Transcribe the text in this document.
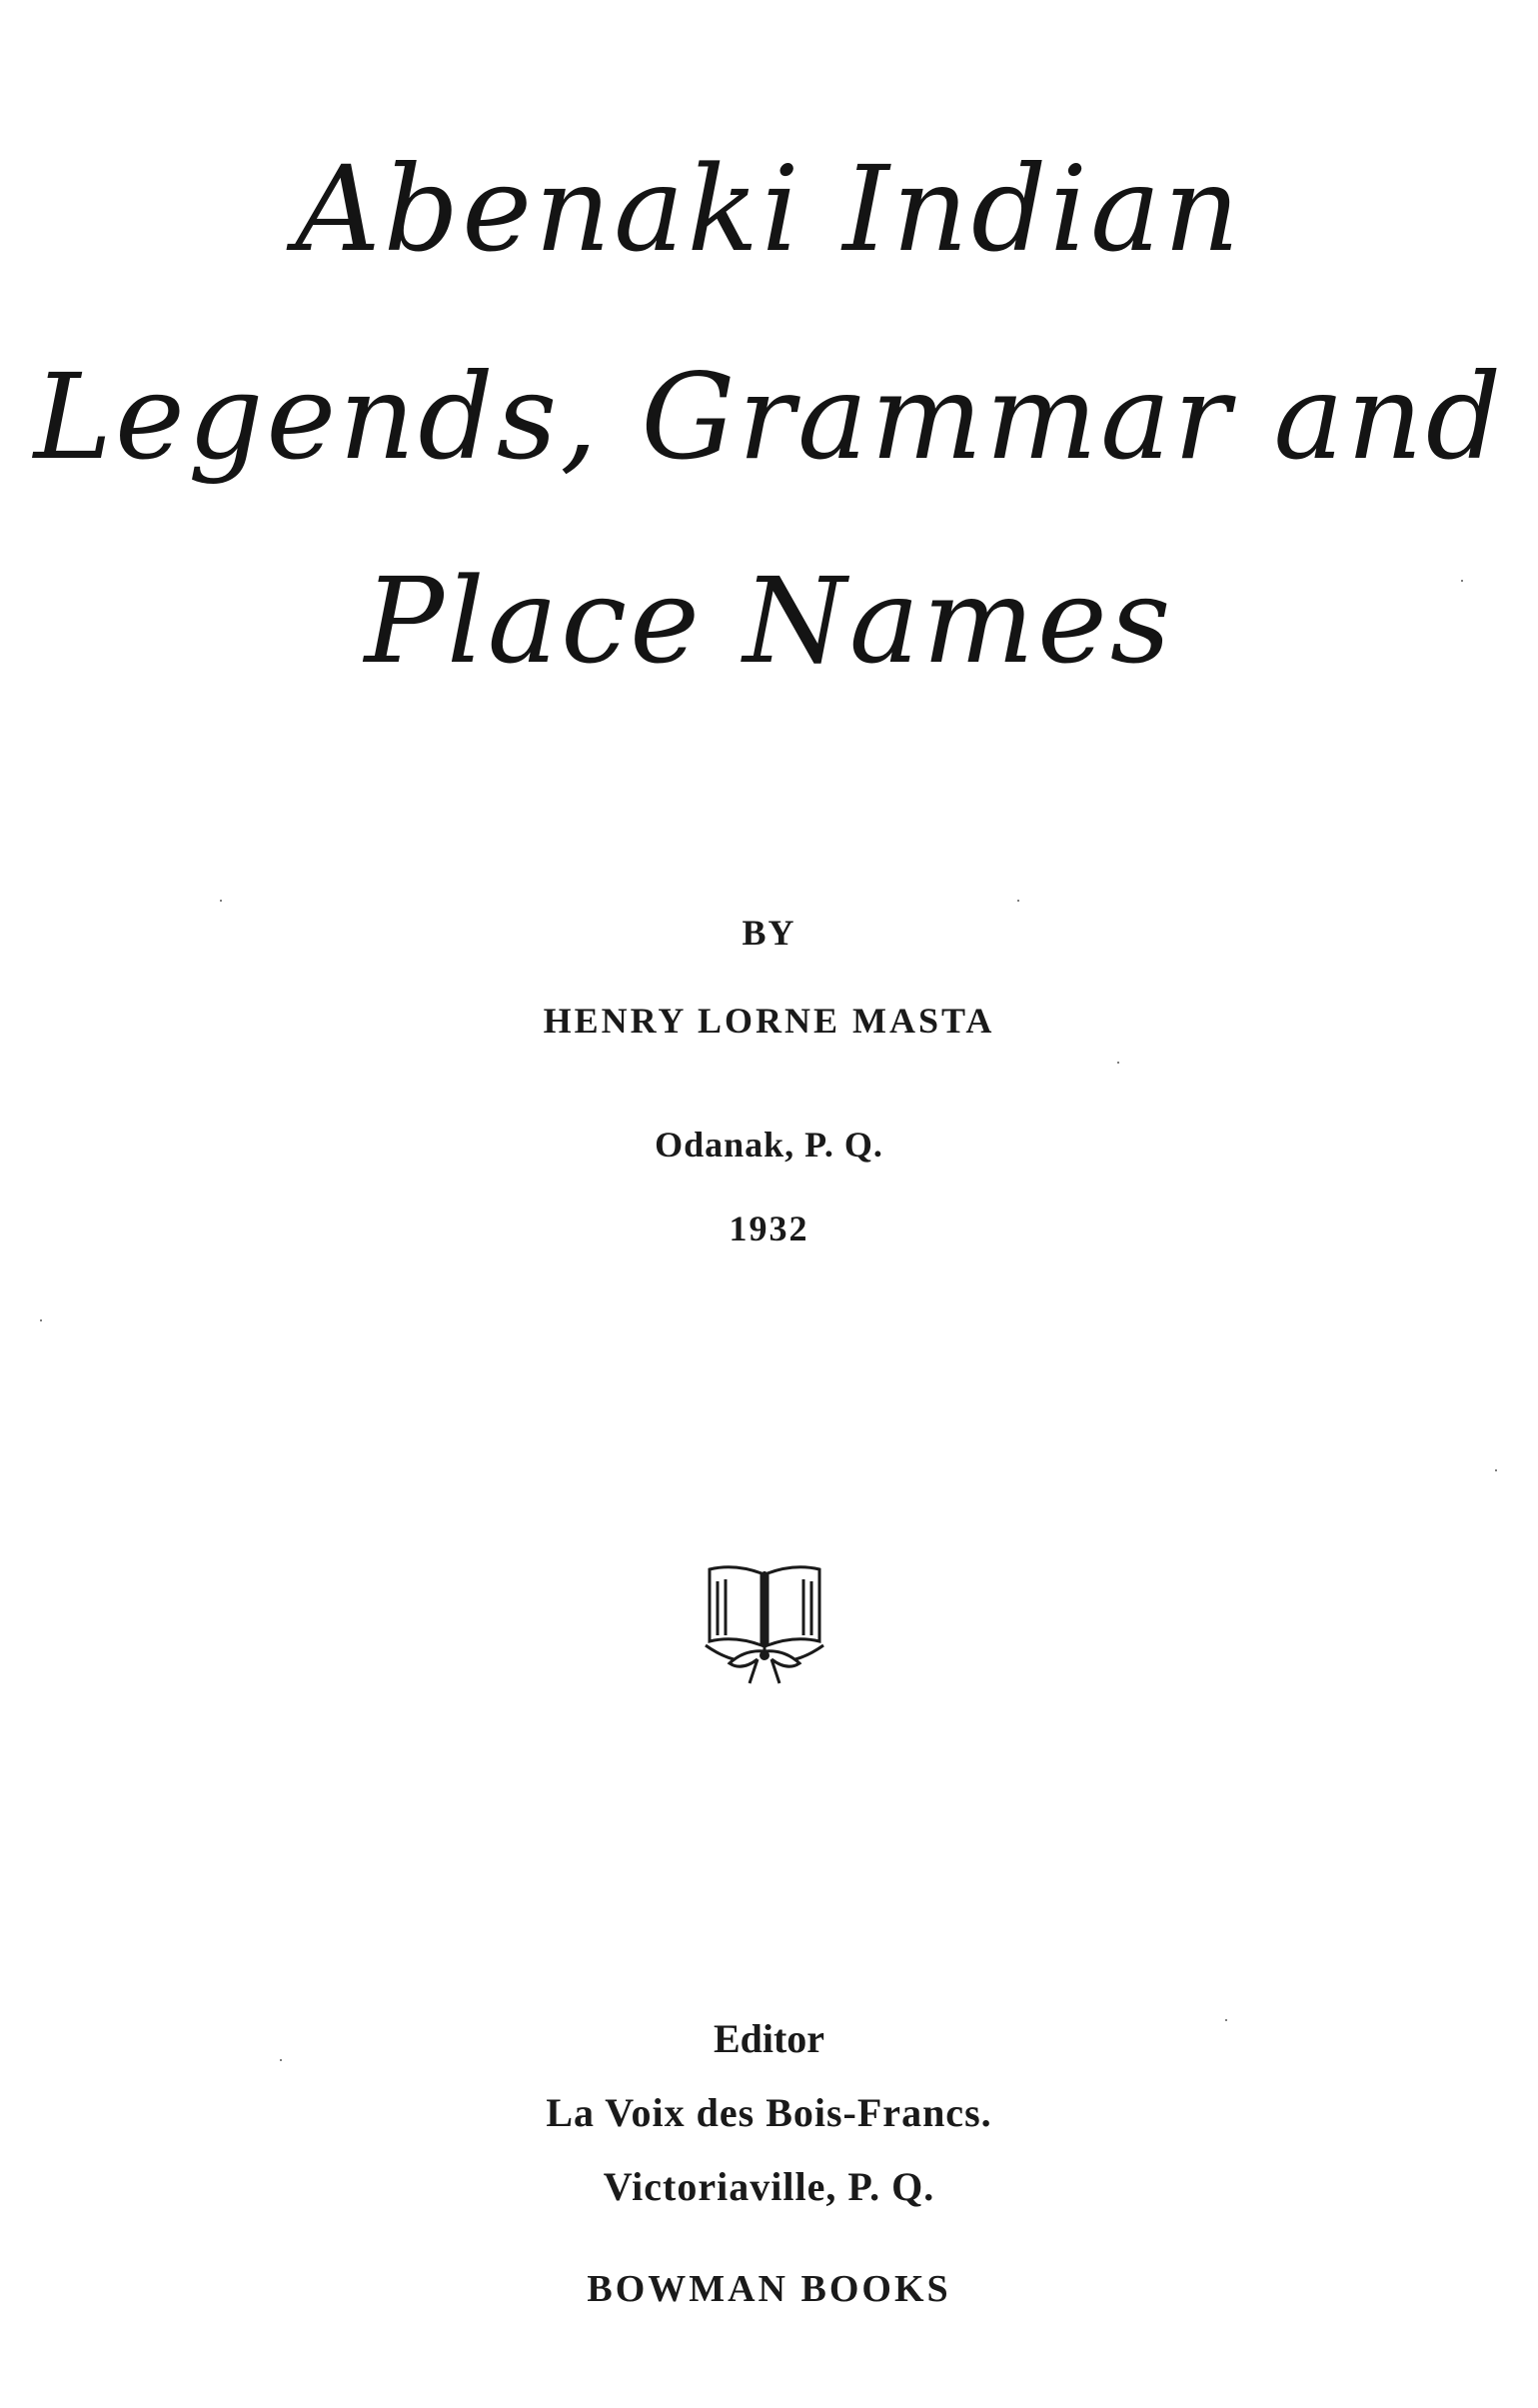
Abenaki Indian
Legends, Grammar and
Place Names
BY
HENRY LORNE MASTA
Odanak, P. Q.
1932
Editor
La Voix des Bois-Francs.
Victoriaville, P. Q.
BOWMAN BOOKS
